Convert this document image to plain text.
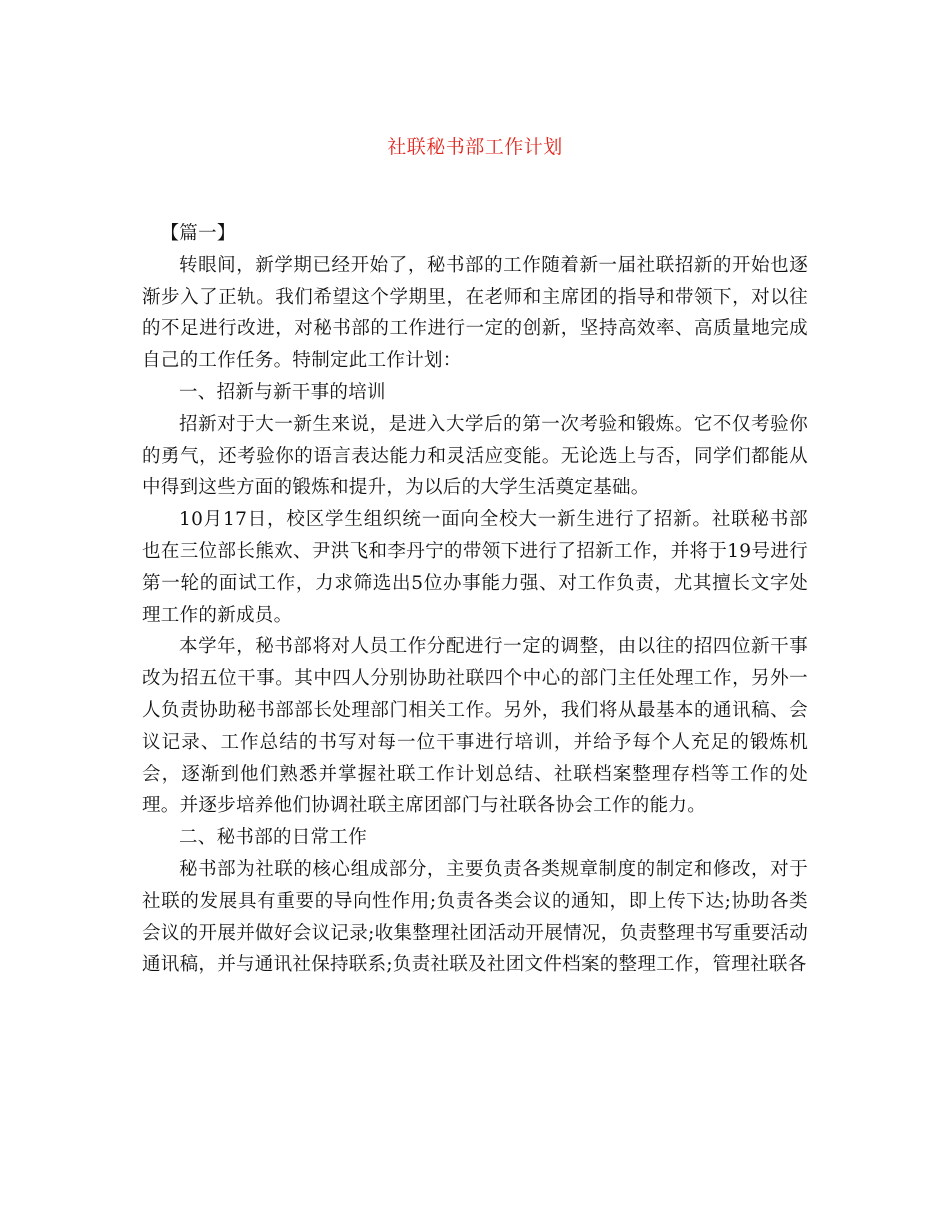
社联秘书部工作计划

【篇一】

转眼间，新学期已经开始了，秘书部的工作随着新一届社联招新的开始也逐渐步入了正轨。我们希望这个学期里，在老师和主席团的指导和带领下，对以往的不足进行改进，对秘书部的工作进行一定的创新，坚持高效率、高质量地完成自己的工作任务。特制定此工作计划：

一、招新与新干事的培训

招新对于大一新生来说，是进入大学后的第一次考验和锻炼。它不仅考验你的勇气，还考验你的语言表达能力和灵活应变能。无论选上与否，同学们都能从中得到这些方面的锻炼和提升，为以后的大学生活奠定基础。

10月17日，校区学生组织统一面向全校大一新生进行了招新。社联秘书部也在三位部长熊欢、尹洪飞和李丹宁的带领下进行了招新工作，并将于19号进行第一轮的面试工作，力求筛选出5位办事能力强、对工作负责，尤其擅长文字处理工作的新成员。

本学年，秘书部将对人员工作分配进行一定的调整，由以往的招四位新干事改为招五位干事。其中四人分别协助社联四个中心的部门主任处理工作，另外一人负责协助秘书部部长处理部门相关工作。另外，我们将从最基本的通讯稿、会议记录、工作总结的书写对每一位干事进行培训，并给予每个人充足的锻炼机会，逐渐到他们熟悉并掌握社联工作计划总结、社联档案整理存档等工作的处理。并逐步培养他们协调社联主席团部门与社联各协会工作的能力。

二、秘书部的日常工作

秘书部为社联的核心组成部分，主要负责各类规章制度的制定和修改，对于社联的发展具有重要的导向性作用;负责各类会议的通知，即上传下达;协助各类会议的开展并做好会议记录;收集整理社团活动开展情况，负责整理书写重要活动通讯稿，并与通讯社保持联系;负责社联及社团文件档案的整理工作，管理社联各
